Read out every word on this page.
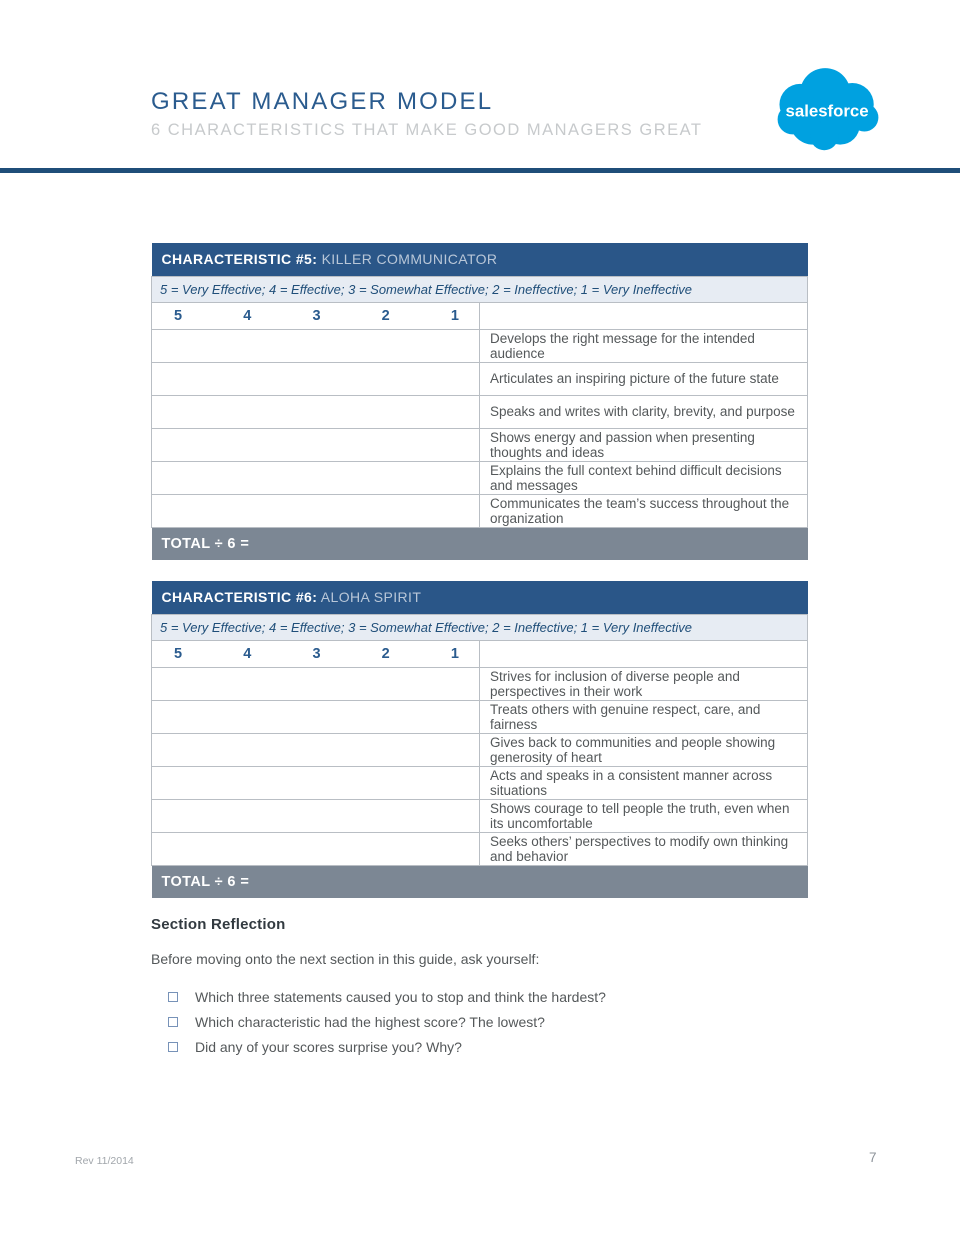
GREAT MANAGER MODEL
6 CHARACTERISTICS THAT MAKE GOOD MANAGERS GREAT
salesforce
CHARACTERISTIC #5: KILLER COMMUNICATOR	
5 = Very Effective; 4 = Effective; 3 = Somewhat Effective; 2 = Ineffective; 1 = Very Ineffective	

5 4 3 2 1	

	Develops the right message for the intended audience
	Articulates an inspiring picture of the future state
	Speaks and writes with clarity, brevity, and purpose
	Shows energy and passion when presenting thoughts and ideas
	Explains the full context behind difficult decisions and messages
	Communicates the team’s success throughout the organization
TOTAL ÷ 6 =	
CHARACTERISTIC #6: ALOHA SPIRIT	
5 = Very Effective; 4 = Effective; 3 = Somewhat Effective; 2 = Ineffective; 1 = Very Ineffective	

5 4 3 2 1	

	Strives for inclusion of diverse people and perspectives in their work
	Treats others with genuine respect, care, and fairness
	Gives back to communities and people showing generosity of heart
	Acts and speaks in a consistent manner across situations
	Shows courage to tell people the truth, even when its uncomfortable
	Seeks others’ perspectives to modify own thinking and behavior
TOTAL ÷ 6 =	
Section Reflection
Before moving onto the next section in this guide, ask yourself:
Which three statements caused you to stop and think the hardest?
Which characteristic had the highest score? The lowest?
Did any of your scores surprise you? Why?
Rev 11/2014	7
